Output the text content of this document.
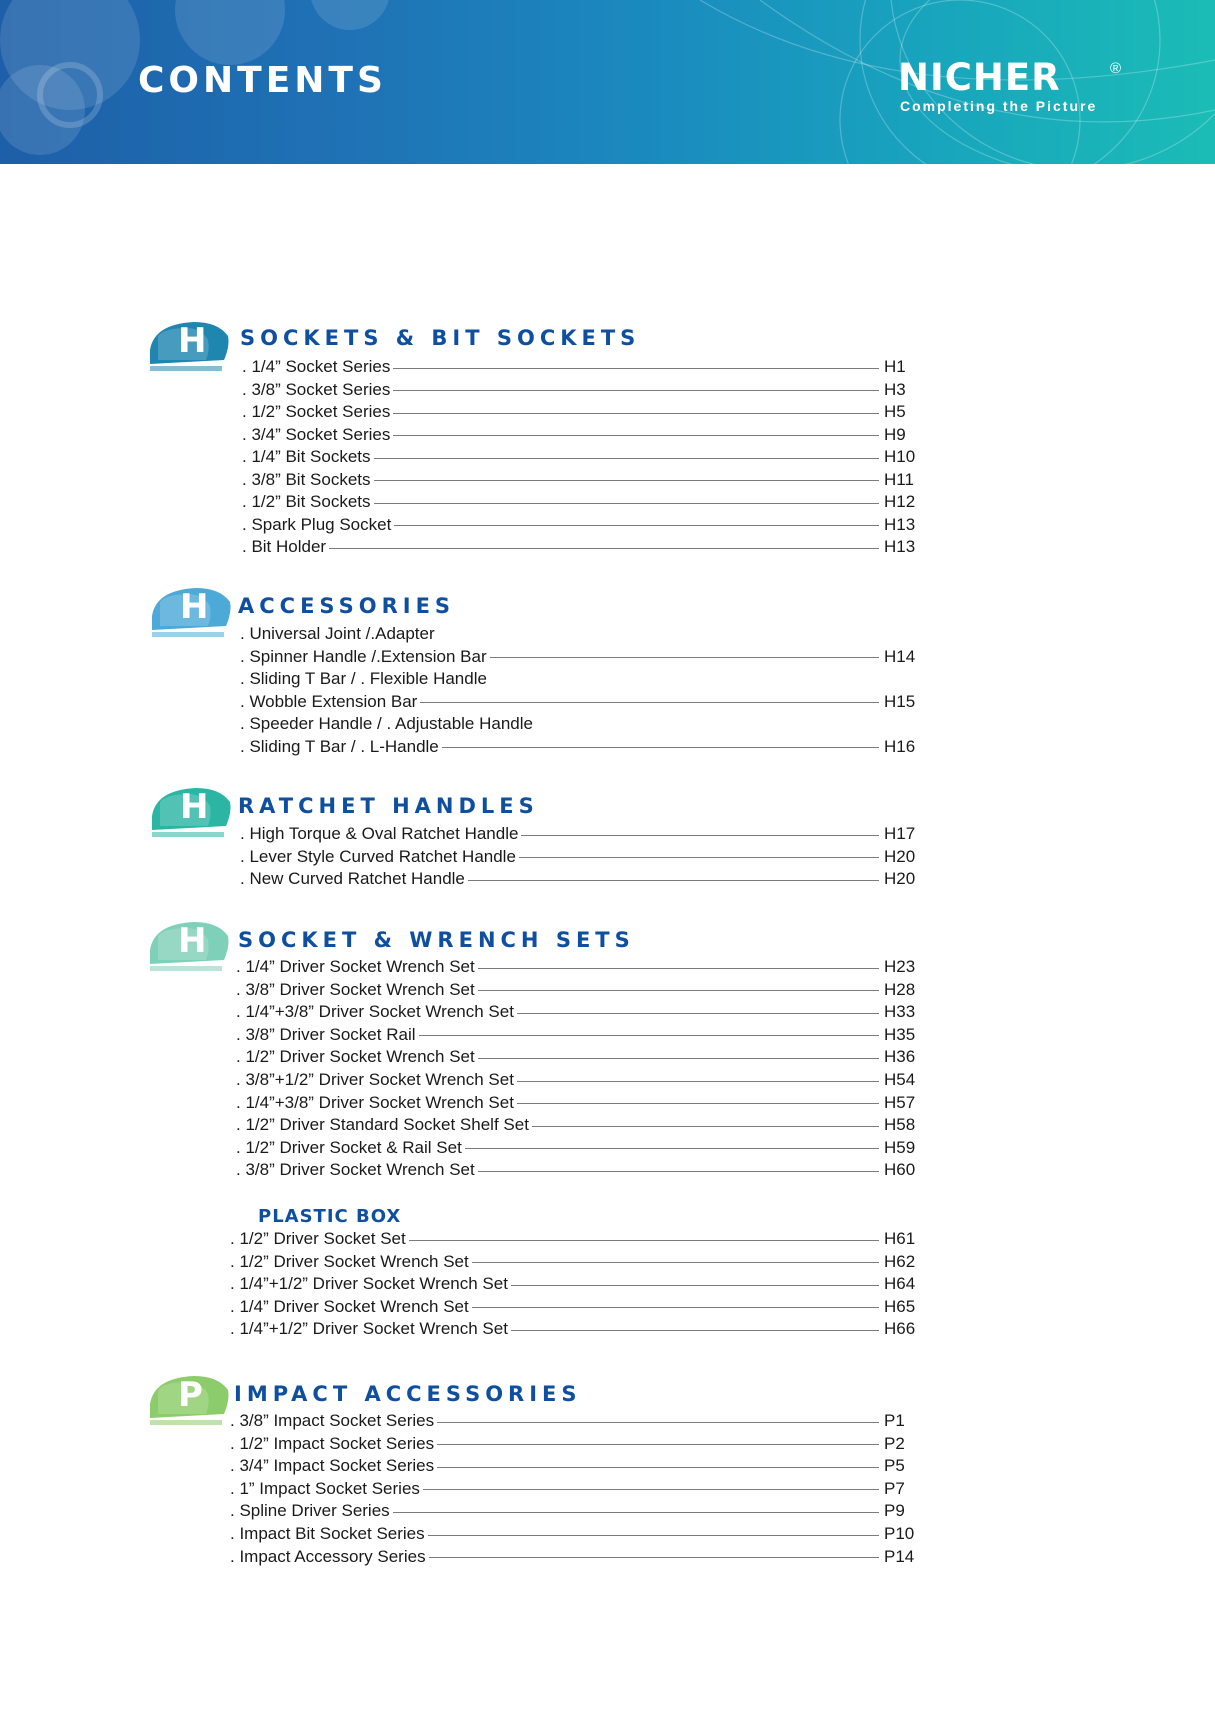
CONTENTS	NICHER	®
Completing the Picture
H SOCKETS & BIT SOCKETS
. 1/4” Socket Series	H1
. 3/8” Socket Series	H3
. 1/2” Socket Series	H5
. 3/4” Socket Series	H9
. 1/4” Bit Sockets	H10
. 3/8” Bit Sockets	H11
. 1/2” Bit Sockets	H12
. Spark Plug Socket	H13
. Bit Holder	H13
H ACCESSORIES
. Universal Joint /.Adapter
. Spinner Handle /.Extension Bar	H14
. Sliding T Bar / . Flexible Handle
. Wobble Extension Bar	H15
. Speeder Handle / . Adjustable Handle
. Sliding T Bar / . L-Handle	H16
H RATCHET HANDLES
. High Torque & Oval Ratchet Handle	H17
. Lever Style Curved Ratchet Handle	H20
. New Curved Ratchet Handle	H20
H SOCKET & WRENCH SETS
. 1/4” Driver Socket Wrench Set	H23
. 3/8” Driver Socket Wrench Set	H28
. 1/4”+3/8” Driver Socket Wrench Set	H33
. 3/8” Driver Socket Rail	H35
. 1/2” Driver Socket Wrench Set	H36
. 3/8”+1/2” Driver Socket Wrench Set	H54
. 1/4”+3/8” Driver Socket Wrench Set	H57
. 1/2” Driver Standard Socket Shelf Set	H58
. 1/2” Driver Socket & Rail Set	H59
. 3/8” Driver Socket Wrench Set	H60
PLASTIC BOX
. 1/2” Driver Socket Set	H61
. 1/2” Driver Socket Wrench Set	H62
. 1/4”+1/2” Driver Socket Wrench Set	H64
. 1/4” Driver Socket Wrench Set	H65
. 1/4”+1/2” Driver Socket Wrench Set	H66
P IMPACT ACCESSORIES
. 3/8” Impact Socket Series	P1
. 1/2” Impact Socket Series	P2
. 3/4” Impact Socket Series	P5
. 1” Impact Socket Series	P7
. Spline Driver Series	P9
. Impact Bit Socket Series	P10
. Impact Accessory Series	P14
